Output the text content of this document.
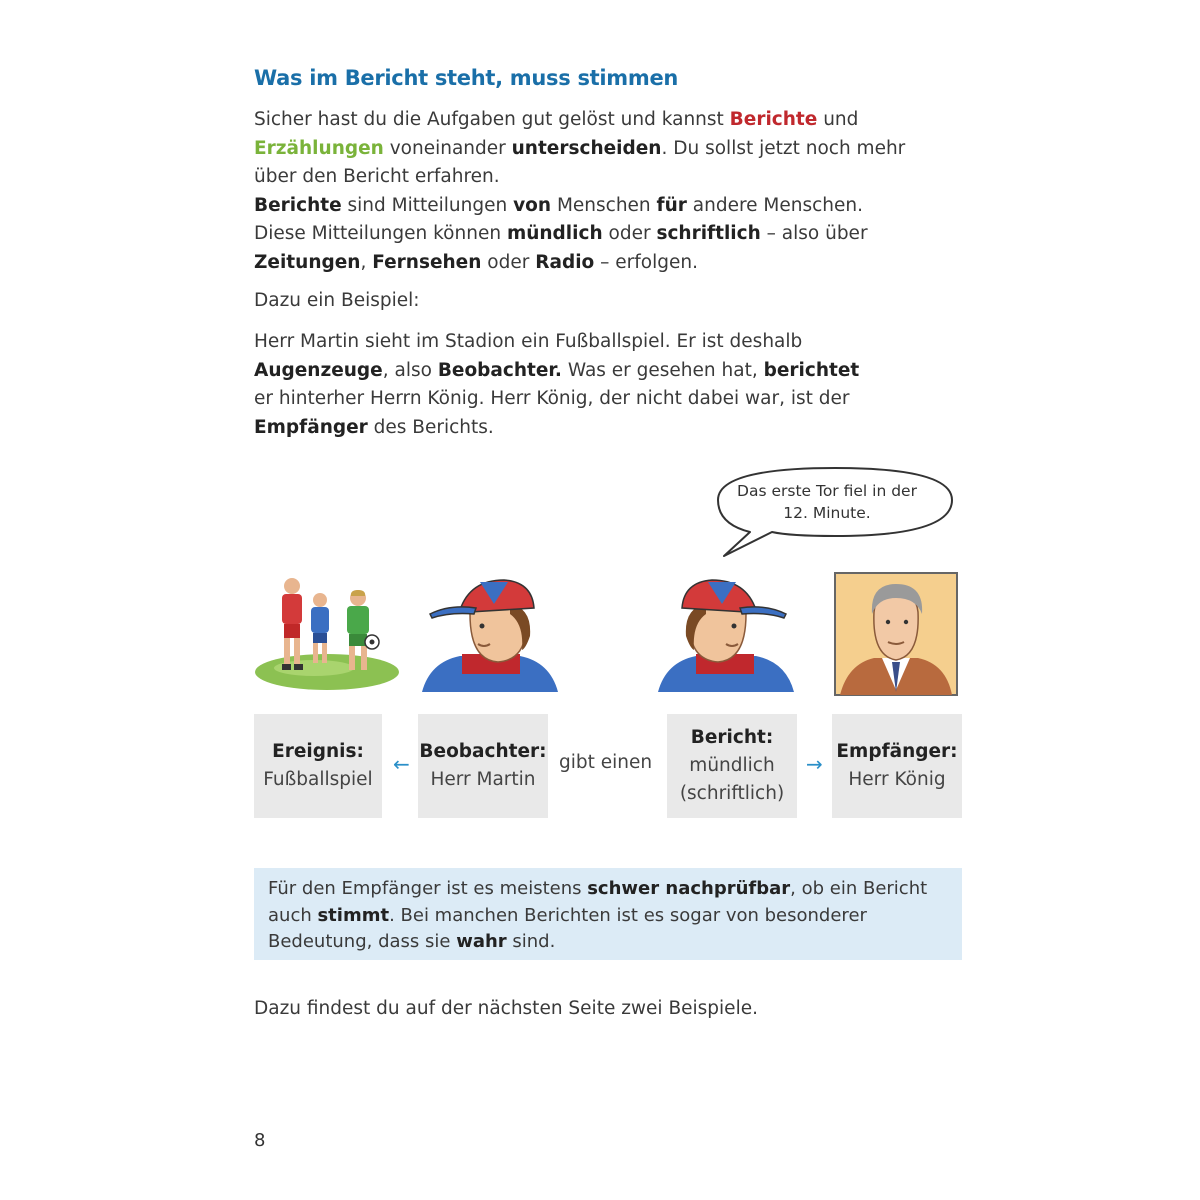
Was im Bericht steht, muss stimmen

Sicher hast du die Aufgaben gut gelöst und kannst Berichte und
Erzählungen voneinander unterscheiden. Du sollst jetzt noch mehr
über den Bericht erfahren.
Berichte sind Mitteilungen von Menschen für andere Menschen.
Diese Mitteilungen können mündlich oder schriftlich – also über
Zeitungen, Fernsehen oder Radio – erfolgen.

Dazu ein Beispiel:

Herr Martin sieht im Stadion ein Fußballspiel. Er ist deshalb
Augenzeuge, also Beobachter. Was er gesehen hat, berichtet
er hinterher Herrn König. Herr König, der nicht dabei war, ist der
Empfänger des Berichts.

Das erste Tor fiel in der
12. Minute.

Ereignis:
Fußballspiel
←
Beobachter:
Herr Martin
gibt einen
Bericht:
mündlich
(schriftlich)
→
Empfänger:
Herr König

Für den Empfänger ist es meistens schwer nachprüfbar, ob ein Bericht
auch stimmt. Bei manchen Berichten ist es sogar von besonderer
Bedeutung, dass sie wahr sind.

Dazu findest du auf der nächsten Seite zwei Beispiele.

8
